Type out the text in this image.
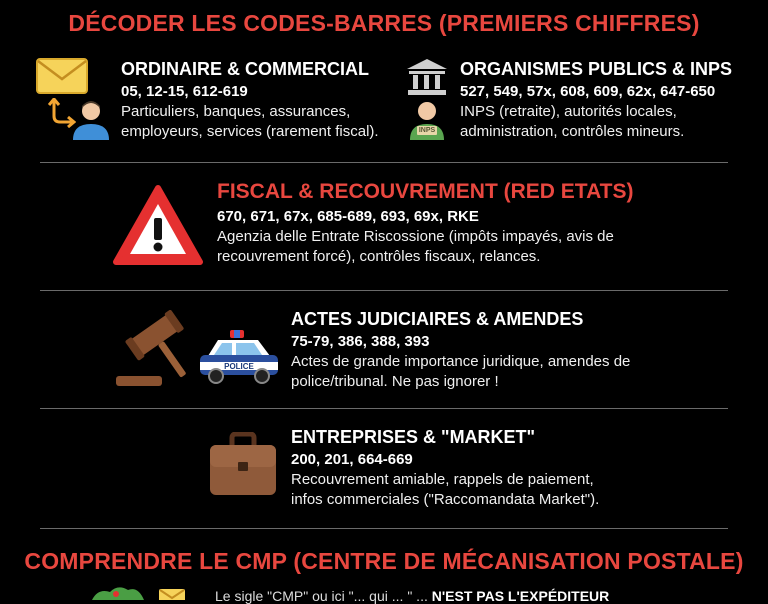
DÉCODER LES CODES-BARRES (PREMIERS CHIFFRES)
ORDINAIRE & COMMERCIAL
05, 12-15, 612-619
Particuliers, banques, assurances,
employeurs, services (rarement fiscal).	INPS
ORGANISMES PUBLICS & INPS
527, 549, 57x, 608, 609, 62x, 647-650
INPS (retraite), autorités locales,
administration, contrôles mineurs.
FISCAL & RECOUVREMENT (RED ETATS)
670, 671, 67x, 685-689, 693, 69x, RKE
Agenzia delle Entrate Riscossione (impôts impayés, avis de
recouvrement forcé), contrôles fiscaux, relances.
POLICE
ACTES JUDICIAIRES & AMENDES
75-79, 386, 388, 393
Actes de grande importance juridique, amendes de
police/tribunal. Ne pas ignorer !
ENTREPRISES & "MARKET"
200, 201, 664-669
Recouvrement amiable, rappels de paiement,
infos commerciales ("Raccomandata Market").
COMPRENDRE LE CMP (CENTRE DE MÉCANISATION POSTALE)
Le sigle "CMP" ou ici "... qui ... " ... N'EST PAS L'EXPÉDITEUR
